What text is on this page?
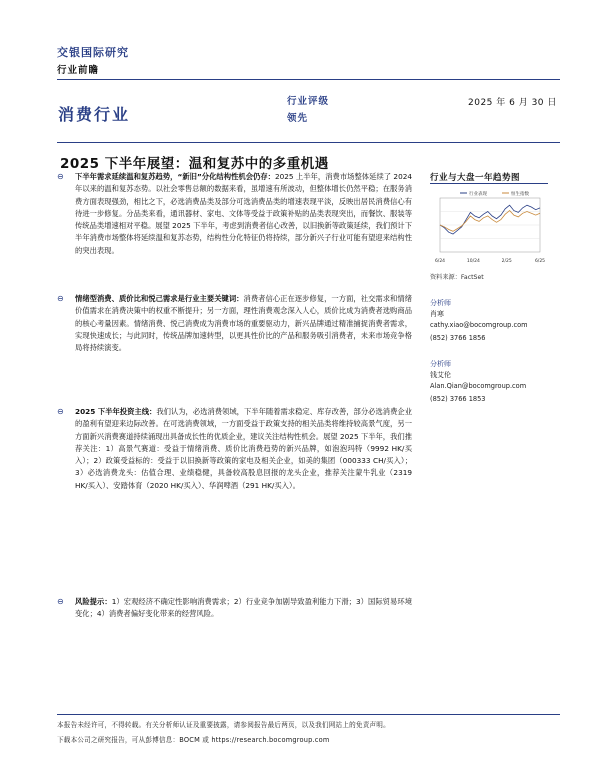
交银国际研究
行业前瞻
消费行业
行业评级
领先
2025 年 6 月 30 日
2025 下半年展望：温和复苏中的多重机遇
⊖ 下半年需求延续温和复苏趋势，“新旧”分化结构性机会仍存：2025 上半年，消费市场整体延续了 2024 年以来的温和复苏态势。以社会零售总额的数据来看，虽增速有所波动，但整体增长仍然平稳；在服务消费方面表现强劲，相比之下，必选消费品类及部分可选消费品类的增速表现平淡，反映出居民消费信心有待进一步修复。分品类来看，通讯器材、家电、文体等受益于政策补贴的品类表现突出，而餐饮、服装等传统品类增速相对平稳。展望 2025 下半年，考虑到消费者信心改善，以旧换新等政策延续，我们预计下半年消费市场整体将延续温和复苏态势，结构性分化特征仍将持续，部分新兴子行业可能有望迎来结构性的突出表现。
⊖ 情绪型消费、质价比和悦己需求是行业主要关键词：消费者信心正在逐步修复，一方面，社交需求和情绪价值需求在消费决策中的权重不断提升；另一方面，理性消费观念深入人心，质价比成为消费者选购商品的核心考量因素。情绪消费、悦己消费成为消费市场的重要驱动力，新兴品牌通过精准捕捉消费者需求，实现快速成长；与此同时，传统品牌加速转型，以更具性价比的产品和服务吸引消费者，未来市场竞争格局将持续演变。
⊖ 2025 下半年投资主线：我们认为，必选消费领域，下半年随着需求稳定、库存改善，部分必选消费企业的盈利有望迎来边际改善。在可选消费领域，一方面受益于政策支持的相关品类将维持较高景气度，另一方面新兴消费赛道持续涌现出具备成长性的优质企业，建议关注结构性机会。展望 2025 下半年，我们推荐关注：1）高景气赛道：受益于情绪消费、质价比消费趋势的新兴品牌，如泡泡玛特（9992 HK/买入）；2）政策受益标的：受益于以旧换新等政策的家电及相关企业，如美的集团（000333 CH/买入）；3）必选消费龙头：估值合理、业绩稳健，具备较高股息回报的龙头企业，推荐关注蒙牛乳业（2319 HK/买入）、安踏体育（2020 HK/买入）、华润啤酒（291 HK/买入）。
⊖ 风险提示：1）宏观经济不确定性影响消费需求；2）行业竞争加剧导致盈利能力下滑；3）国际贸易环境变化；4）消费者偏好变化带来的经营风险。
行业与大盘一年趋势图
6/24	10/24	2/25	6/25
行业表现	恒生指数
资料来源：FactSet
分析师
肖寒
cathy.xiao@bocomgroup.com
(852) 3766 1856
分析师
钱艾伦
Alan.Qian@bocomgroup.com
(852) 3766 1853
本报告未经许可，不得转载。有关分析师认证及重要披露，请参阅报告最后两页，以及我们网站上的免责声明。
下载本公司之研究报告，可从彭博信息：BOCM 或 https://research.bocomgroup.com
